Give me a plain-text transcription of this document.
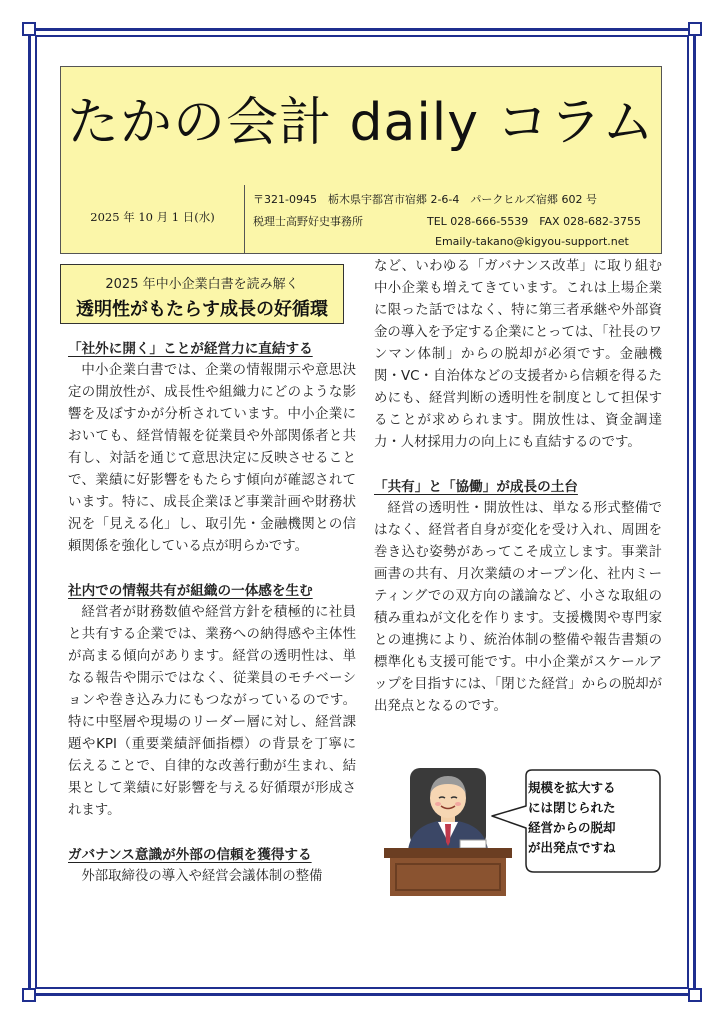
たかの会計 daily コラム
2025 年 10 月 1 日(水)
〒321-0945　栃木県宇都宮市宿郷 2-6-4　パークヒルズ宿郷 602 号
税理士高野好史事務所	TEL 028-666-5539　FAX 028-682-3755
Emaily-takano@kigyou-support.net
2025 年中小企業白書を読み解く
透明性がもたらす成長の好循環

「社外に開く」ことが経営力に直結する

中小企業白書では、企業の情報開示や意思決定の開放性が、成長性や組織力にどのような影響を及ぼすかが分析されています。中小企業においても、経営情報を従業員や外部関係者と共有し、対話を通じて意思決定に反映させることで、業績に好影響をもたらす傾向が確認されています。特に、成長企業ほど事業計画や財務状況を「見える化」し、取引先・金融機関との信頼関係を強化している点が明らかです。

社内での情報共有が組織の一体感を生む

経営者が財務数値や経営方針を積極的に社員と共有する企業では、業務への納得感や主体性が高まる傾向があります。経営の透明性は、単なる報告や開示ではなく、従業員のモチベーションや巻き込み力にもつながっているのです。特に中堅層や現場のリーダー層に対し、経営課題やKPI（重要業績評価指標）の背景を丁寧に伝えることで、自律的な改善行動が生まれ、結果として業績に好影響を与える好循環が形成されます。

ガバナンス意識が外部の信頼を獲得する

外部取締役の導入や経営会議体制の整備

など、いわゆる「ガバナンス改革」に取り組む中小企業も増えてきています。これは上場企業に限った話ではなく、特に第三者承継や外部資金の導入を予定する企業にとっては、「社長のワンマン体制」からの脱却が必須です。金融機関・VC・自治体などの支援者から信頼を得るためにも、経営判断の透明性を制度として担保することが求められます。開放性は、資金調達力・人材採用力の向上にも直結するのです。

「共有」と「協働」が成長の土台

経営の透明性・開放性は、単なる形式整備ではなく、経営者自身が変化を受け入れ、周囲を巻き込む姿勢があってこそ成立します。事業計画書の共有、月次業績のオープン化、社内ミーティングでの双方向の議論など、小さな取組の積み重ねが文化を作ります。支援機関や専門家との連携により、統治体制の整備や報告書類の標準化も支援可能です。中小企業がスケールアップを目指すには、「閉じた経営」からの脱却が出発点となるのです。

規模を拡大する
には閉じられた
経営からの脱却
が出発点ですね
